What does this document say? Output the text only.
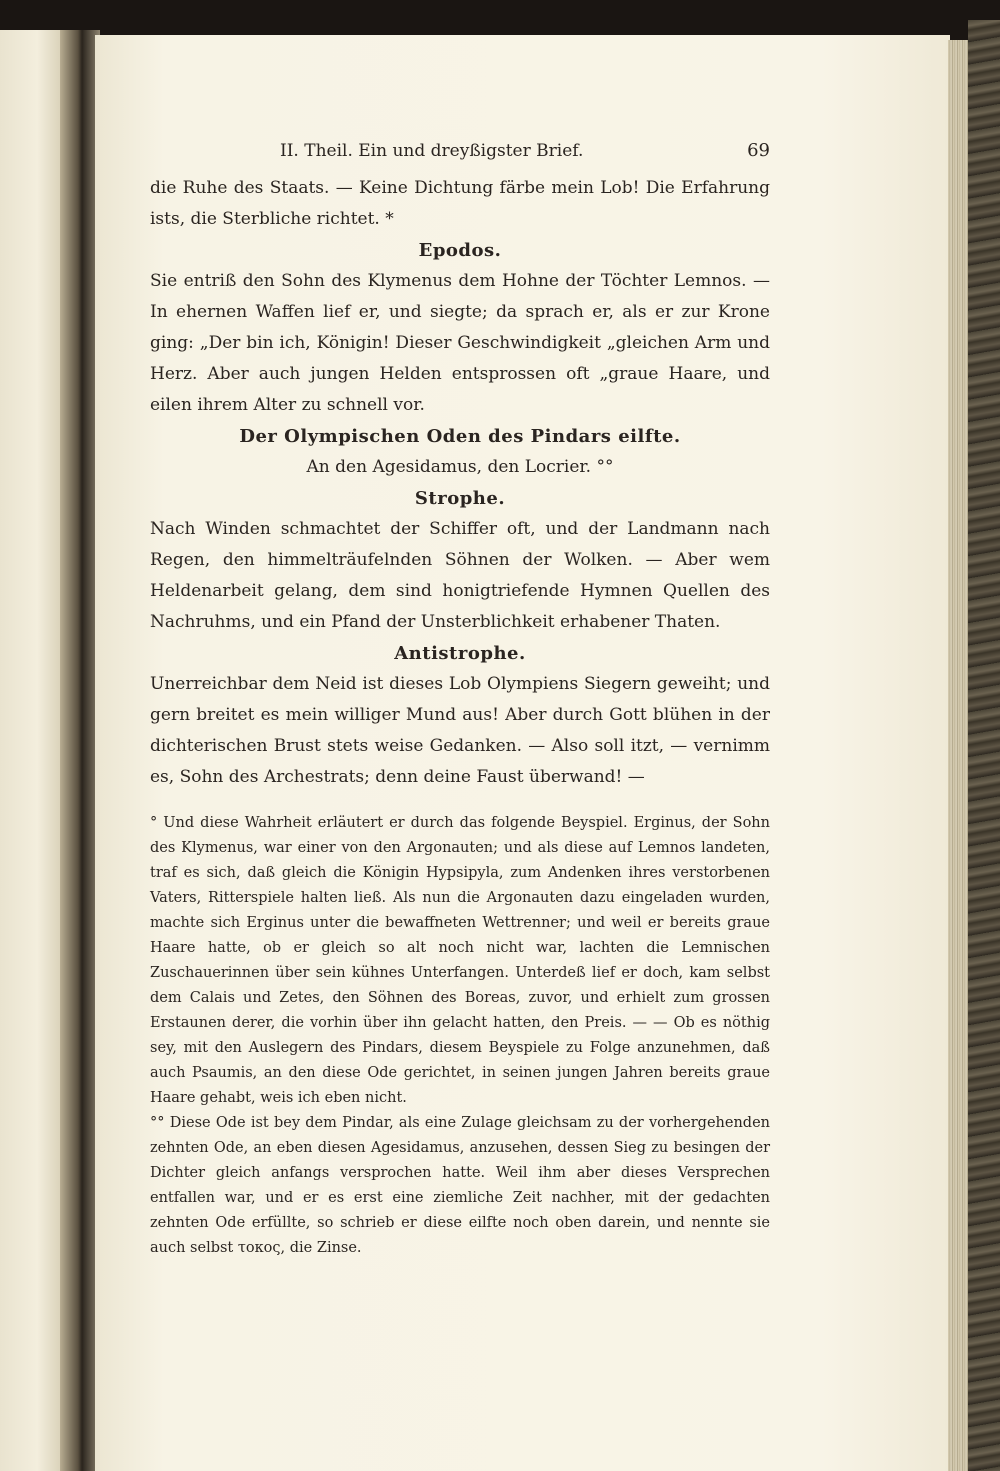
II. Theil. Ein und dreyßigster Brief.	69

die Ruhe des Staats. — Keine Dichtung färbe mein Lob! Die Erfahrung ists, die Sterbliche richtet. *

Epodos.

Sie entriß den Sohn des Klymenus dem Hohne der Töchter Lemnos. — In ehernen Waffen lief er, und siegte; da sprach er, als er zur Krone ging: „Der bin ich, Königin! Dieser Geschwindigkeit „gleichen Arm und Herz. Aber auch jungen Helden entsprossen oft „graue Haare, und eilen ihrem Alter zu schnell vor.

Der Olympischen Oden des Pindars eilfte.

An den Agesidamus, den Locrier. °°

Strophe.

Nach Winden schmachtet der Schiffer oft, und der Landmann nach Regen, den himmelträufelnden Söhnen der Wolken. — Aber wem Heldenarbeit gelang, dem sind honigtriefende Hymnen Quellen des Nachruhms, und ein Pfand der Unsterblichkeit erhabener Thaten.

Antistrophe.

Unerreichbar dem Neid ist dieses Lob Olympiens Siegern geweiht; und gern breitet es mein williger Mund aus! Aber durch Gott blühen in der dichterischen Brust stets weise Gedanken. — Also soll itzt, — vernimm es, Sohn des Archestrats; denn deine Faust überwand! —

° Und diese Wahrheit erläutert er durch das folgende Beyspiel. Erginus, der Sohn des Klymenus, war einer von den Argonauten; und als diese auf Lemnos landeten, traf es sich, daß gleich die Königin Hypsipyla, zum Andenken ihres verstorbenen Vaters, Ritterspiele halten ließ. Als nun die Argonauten dazu eingeladen wurden, machte sich Erginus unter die bewaffneten Wettrenner; und weil er bereits graue Haare hatte, ob er gleich so alt noch nicht war, lachten die Lemnischen Zuschauerinnen über sein kühnes Unterfangen. Unterdeß lief er doch, kam selbst dem Calais und Zetes, den Söhnen des Boreas, zuvor, und erhielt zum grossen Erstaunen derer, die vorhin über ihn gelacht hatten, den Preis. — — Ob es nöthig sey, mit den Auslegern des Pindars, diesem Beyspiele zu Folge anzunehmen, daß auch Psaumis, an den diese Ode gerichtet, in seinen jungen Jahren bereits graue Haare gehabt, weis ich eben nicht.

°° Diese Ode ist bey dem Pindar, als eine Zulage gleichsam zu der vorhergehenden zehnten Ode, an eben diesen Agesidamus, anzusehen, dessen Sieg zu besingen der Dichter gleich anfangs versprochen hatte. Weil ihm aber dieses Versprechen entfallen war, und er es erst eine ziemliche Zeit nachher, mit der gedachten zehnten Ode erfüllte, so schrieb er diese eilfte noch oben darein, und nennte sie auch selbst τοκος, die Zinse.
